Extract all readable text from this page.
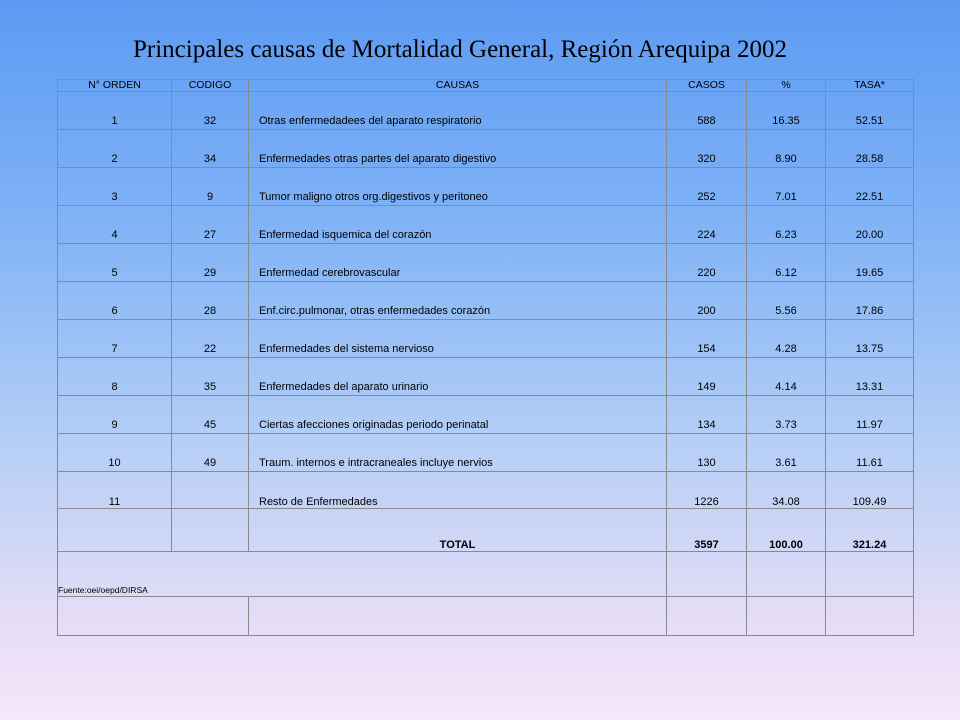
Principales causas de Mortalidad General, Región Arequipa 2002
N° ORDEN	CODIGO	CAUSAS	CASOS	%	TASA*
1	32	Otras enfermedadees del aparato respiratorio	588	16.35	52.51
2	34	Enfermedades otras partes del aparato digestivo	320	8.90	28.58
3	9	Tumor maligno otros org.digestivos y peritoneo	252	7.01	22.51
4	27	Enfermedad isquemica del corazón	224	6.23	20.00
5	29	Enfermedad cerebrovascular	220	6.12	19.65
6	28	Enf.circ.pulmonar, otras enfermedades corazón	200	5.56	17.86
7	22	Enfermedades del sistema nervioso	154	4.28	13.75
8	35	Enfermedades del aparato urinario	149	4.14	13.31
9	45	Ciertas afecciones originadas periodo perinatal	134	3.73	11.97
10	49	Traum. internos e intracraneales incluye nervios	130	3.61	11.61
11		Resto de Enfermedades	1226	34.08	109.49
		TOTAL	3597	100.00	321.24
Fuente:oei/oepd/DIRSA					
